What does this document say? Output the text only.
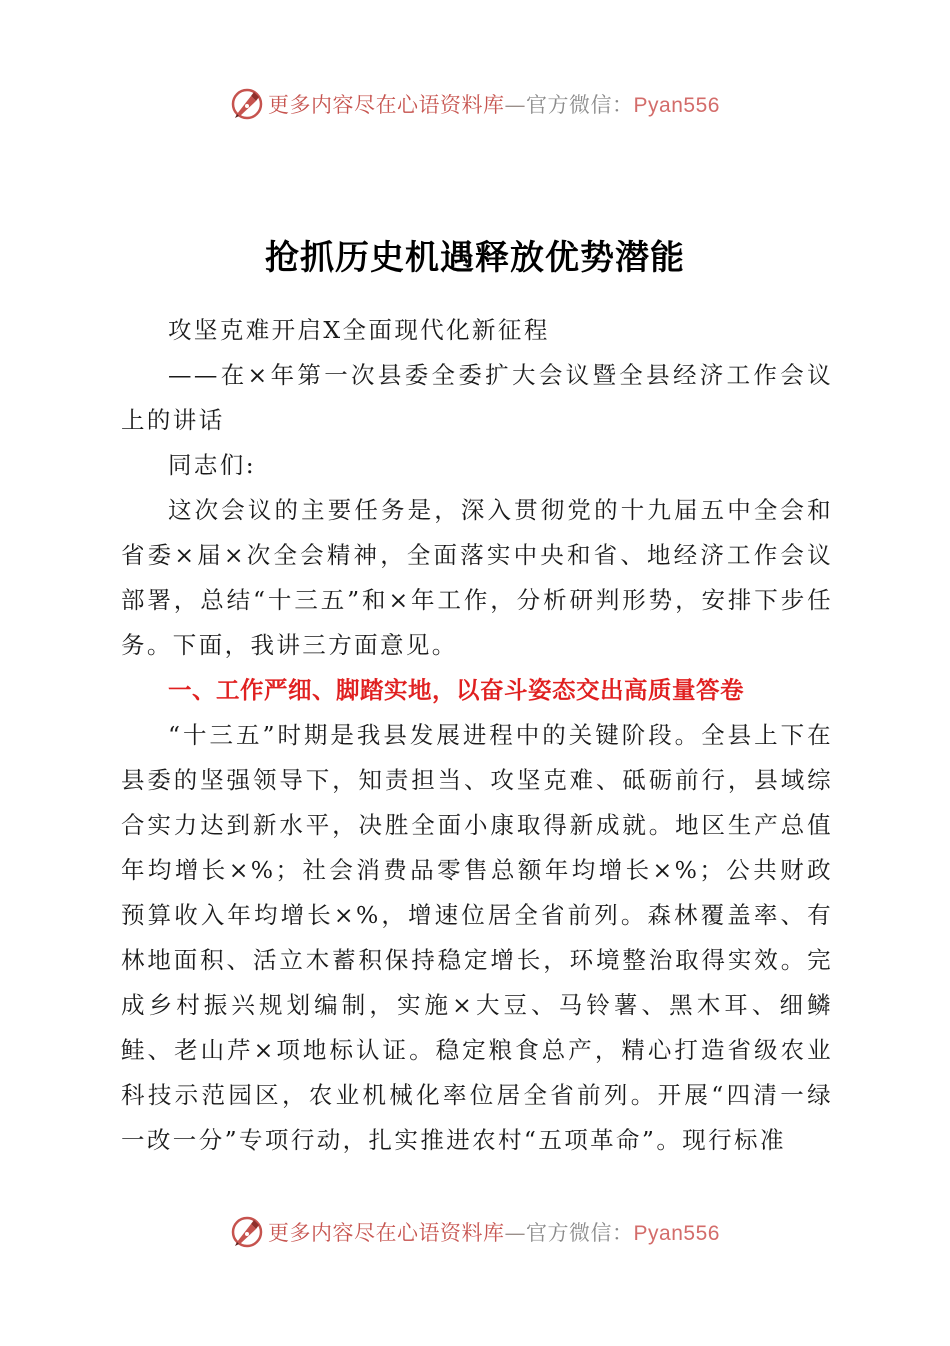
更多内容尽在心语资料库—官方微信：Pyan556
抢抓历史机遇释放优势潜能

攻坚克难开启X全面现代化新征程

——在×年第一次县委全委扩大会议暨全县经济工作会议上的讲话

同志们:

这次会议的主要任务是，深入贯彻党的十九届五中全会和省委×届×次全会精神，全面落实中央和省、地经济工作会议部署，总结“十三五”和×年工作，分析研判形势，安排下步任务。下面，我讲三方面意见。

一、工作严细、脚踏实地，以奋斗姿态交出高质量答卷

“十三五”时期是我县发展进程中的关键阶段。全县上下在县委的坚强领导下，知责担当、攻坚克难、砥砺前行，县域综合实力达到新水平，决胜全面小康取得新成就。地区生产总值年均增长×%；社会消费品零售总额年均增长×%；公共财政预算收入年均增长×%，增速位居全省前列。森林覆盖率、有林地面积、活立木蓄积保持稳定增长，环境整治取得实效。完成乡村振兴规划编制，实施×大豆、马铃薯、黑木耳、细鳞鲑、老山芹×项地标认证。稳定粮食总产，精心打造省级农业科技示范园区，农业机械化率位居全省前列。开展“四清一绿一改一分”专项行动，扎实推进农村“五项革命”。现行标准

更多内容尽在心语资料库—官方微信：Pyan556
